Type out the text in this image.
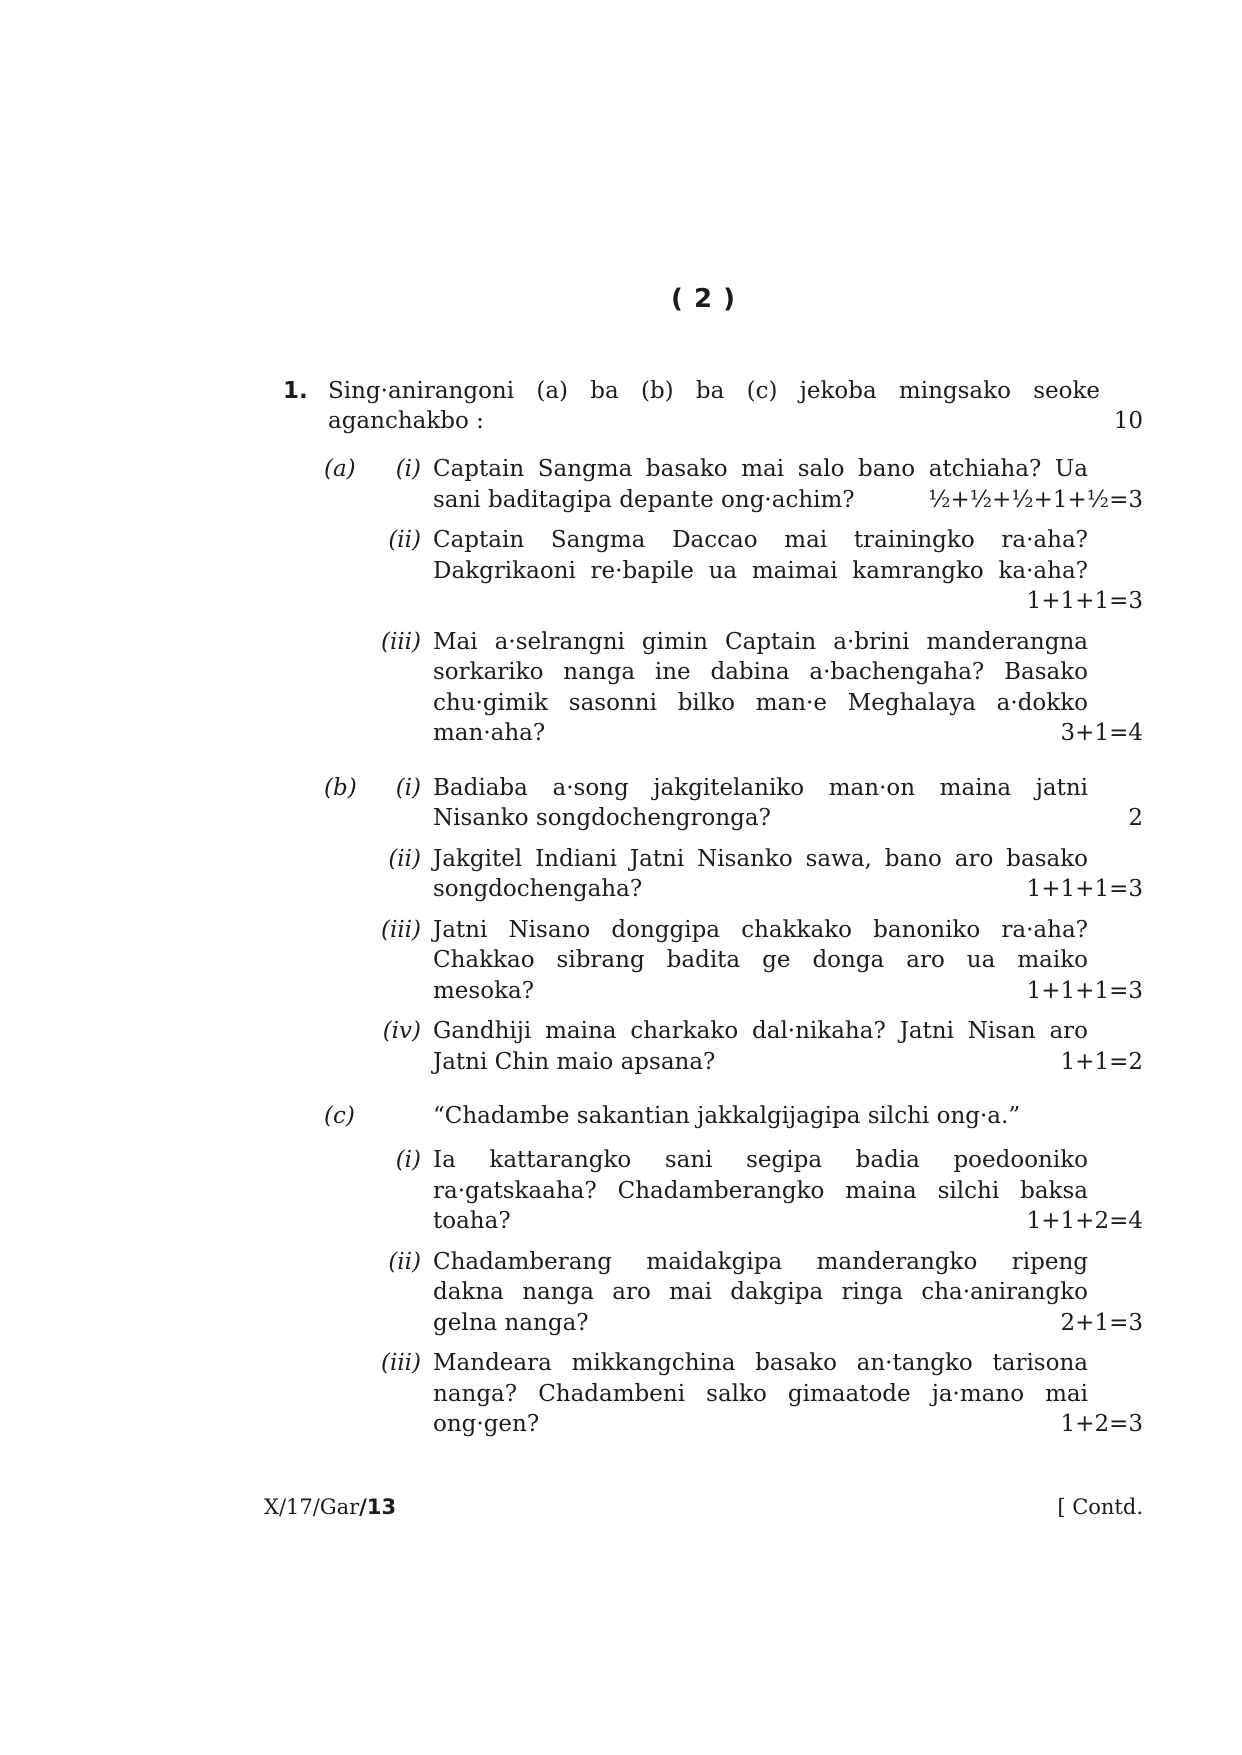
( 2 )
1. Sing·anirangoni (a) ba (b) ba (c) jekoba mingsako seoke
aganchakbo :	10
(a) (i) Captain Sangma basako mai salo bano atchiaha? Ua
sani baditagipa depante ong·achim?	½+½+½+1+½=3
(ii) Captain Sangma Daccao mai trainingko ra·aha?
Dakgrikaoni re·bapile ua maimai kamrangko ka·aha?
1+1+1=3
(iii) Mai a·selrangni gimin Captain a·brini manderangna
sorkariko nanga ine dabina a·bachengaha? Basako
chu·gimik sasonni bilko man·e Meghalaya a·dokko
man·aha?	3+1=4
(b) (i) Badiaba a·song jakgitelaniko man·on maina jatni
Nisanko songdochengronga?	2
(ii) Jakgitel Indiani Jatni Nisanko sawa, bano aro basako
songdochengaha?	1+1+1=3
(iii) Jatni Nisano donggipa chakkako banoniko ra·aha?
Chakkao sibrang badita ge donga aro ua maiko
mesoka?	1+1+1=3
(iv) Gandhiji maina charkako dal·nikaha? Jatni Nisan aro
Jatni Chin maio apsana?	1+1=2
(c)	“Chadambe sakantian jakkalgijagipa silchi ong·a.”
(i) Ia kattarangko sani segipa badia poedooniko
ra·gatskaaha? Chadamberangko maina silchi baksa
toaha?	1+1+2=4
(ii) Chadamberang maidakgipa manderangko ripeng
dakna nanga aro mai dakgipa ringa cha·anirangko
gelna nanga?	2+1=3
(iii) Mandeara mikkangchina basako an·tangko tarisona
nanga? Chadambeni salko gimaatode ja·mano mai
ong·gen?	1+2=3
X/17/Gar/13	[ Contd.
